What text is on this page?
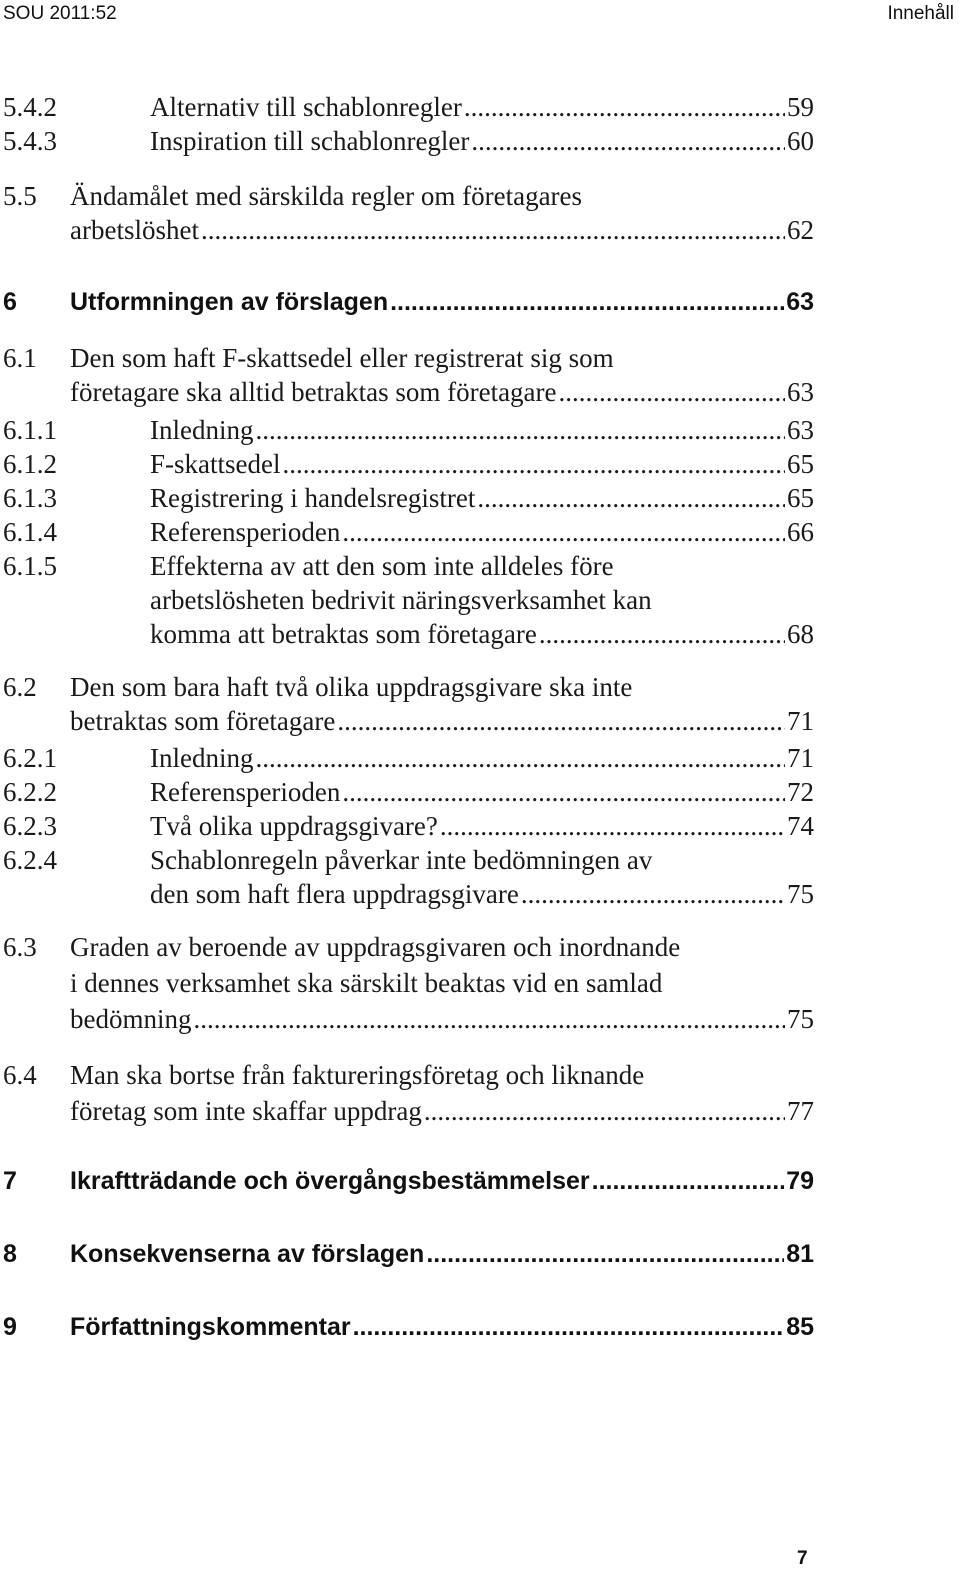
SOU 2011:52	Innehåll
5.4.2	Alternativ till schablonregler .....	59
5.4.3	Inspiration till schablonregler .....	60
5.5 Ändamålet med särskilda regler om företagares
arbetslöshet .....	62
6 Utformningen av förslagen .....	63
6.1 Den som haft F-skattsedel eller registrerat sig som
företagare ska alltid betraktas som företagare .....	63
6.1.1	Inledning .....	63
6.1.2	F-skattsedel .....	65
6.1.3	Registrering i handelsregistret .....	65
6.1.4	Referensperioden .....	66
6.1.5	Effekterna av att den som inte alldeles före
arbetslösheten bedrivit näringsverksamhet kan
komma att betraktas som företagare .....	68
6.2 Den som bara haft två olika uppdragsgivare ska inte
betraktas som företagare .....	71
6.2.1	Inledning .....	71
6.2.2	Referensperioden .....	72
6.2.3	Två olika uppdragsgivare? .....	74
6.2.4	Schablonregeln påverkar inte bedömningen av
den som haft flera uppdragsgivare .....	75
6.3 Graden av beroende av uppdragsgivaren och inordnande
i dennes verksamhet ska särskilt beaktas vid en samlad
bedömning .....	75
6.4 Man ska bortse från faktureringsföretag och liknande
företag som inte skaffar uppdrag .....	77
7 Ikraftträdande och övergångsbestämmelser .....	79
8 Konsekvenserna av förslagen .....	81
9 Författningskommentar .....	85
7
